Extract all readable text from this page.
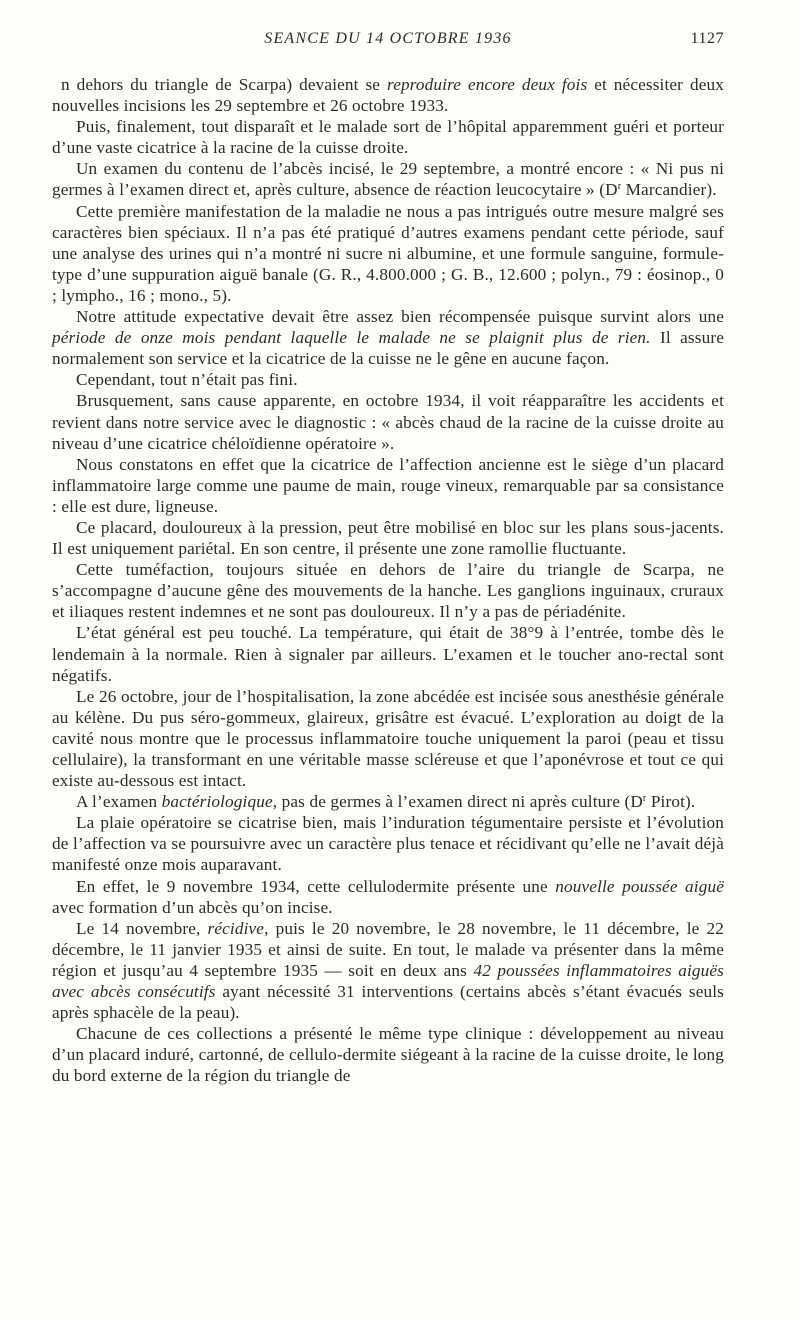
SEANCE DU 14 OCTOBRE 1936	1127

n dehors du triangle de Scarpa) devaient se reproduire encore deux fois et nécessiter deux nouvelles incisions les 29 septembre et 26 octobre 1933.

Puis, finalement, tout disparaît et le malade sort de l’hôpital apparemment guéri et porteur d’une vaste cicatrice à la racine de la cuisse droite.

Un examen du contenu de l’abcès incisé, le 29 septembre, a montré encore : « Ni pus ni germes à l’examen direct et, après culture, absence de réaction leucocytaire » ($D^r$ Marcandier).

Cette première manifestation de la maladie ne nous a pas intrigués outre mesure malgré ses caractères bien spéciaux. Il n’a pas été pratiqué d’autres examens pendant cette période, sauf une analyse des urines qui n’a montré ni sucre ni albumine, et une formule sanguine, formule-type d’une suppuration aiguë banale (G. R., 4.800.000 ; G. B., 12.600 ; polyn., 79 : éosinop., 0 ; lympho., 16 ; mono., 5).

Notre attitude expectative devait être assez bien récompensée puisque survint alors une période de onze mois pendant laquelle le malade ne se plaignit plus de rien. Il assure normalement son service et la cicatrice de la cuisse ne le gêne en aucune façon.

Cependant, tout n’était pas fini.

Brusquement, sans cause apparente, en octobre 1934, il voit réapparaître les accidents et revient dans notre service avec le diagnostic : « abcès chaud de la racine de la cuisse droite au niveau d’une cicatrice chéloïdienne opératoire ».

Nous constatons en effet que la cicatrice de l’affection ancienne est le siège d’un placard inflammatoire large comme une paume de main, rouge vineux, remarquable par sa consistance : elle est dure, ligneuse.

Ce placard, douloureux à la pression, peut être mobilisé en bloc sur les plans sous-jacents. Il est uniquement pariétal. En son centre, il présente une zone ramollie fluctuante.

Cette tuméfaction, toujours située en dehors de l’aire du triangle de Scarpa, ne s’accompagne d’aucune gêne des mouvements de la hanche. Les ganglions inguinaux, cruraux et iliaques restent indemnes et ne sont pas douloureux. Il n’y a pas de périadénite.

L’état général est peu touché. La température, qui était de 38°9 à l’entrée, tombe dès le lendemain à la normale. Rien à signaler par ailleurs. L’examen et le toucher ano-rectal sont négatifs.

Le 26 octobre, jour de l’hospitalisation, la zone abcédée est incisée sous anesthésie générale au kélène. Du pus séro-gommeux, glaireux, grisâtre est évacué. L’exploration au doigt de la cavité nous montre que le processus inflammatoire touche uniquement la paroi (peau et tissu cellulaire), la transformant en une véritable masse scléreuse et que l’aponévrose et tout ce qui existe au-dessous est intact.

A l’examen bactériologique, pas de germes à l’examen direct ni après culture ($D^r$ Pirot).

La plaie opératoire se cicatrise bien, mais l’induration tégumentaire persiste et l’évolution de l’affection va se poursuivre avec un caractère plus tenace et récidivant qu’elle ne l’avait déjà manifesté onze mois auparavant.

En effet, le 9 novembre 1934, cette cellulodermite présente une nouvelle poussée aiguë avec formation d’un abcès qu’on incise.

Le 14 novembre, récidive, puis le 20 novembre, le 28 novembre, le 11 décembre, le 22 décembre, le 11 janvier 1935 et ainsi de suite. En tout, le malade va présenter dans la même région et jusqu’au 4 septembre 1935 — soit en deux ans 42 poussées inflammatoires aiguës avec abcès consécutifs ayant nécessité 31 interventions (certains abcès s’étant évacués seuls après sphacèle de la peau).

Chacune de ces collections a présenté le même type clinique : développement au niveau d’un placard induré, cartonné, de cellulo-dermite siégeant à la racine de la cuisse droite, le long du bord externe de la région du triangle de
